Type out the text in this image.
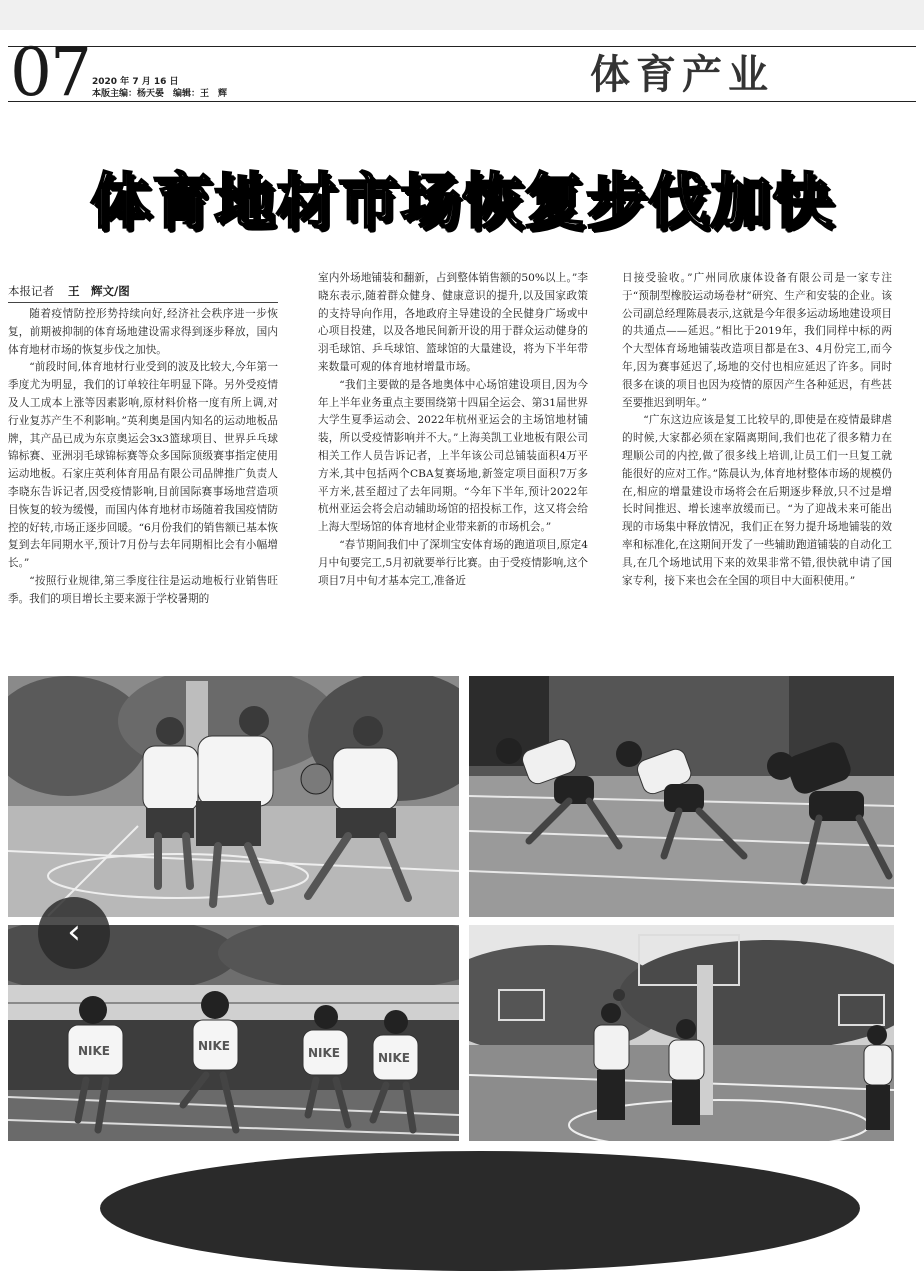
07 2020 年 7 月 16 日
本版主编：杨天晏　编辑：王　辉	体育产业
体育地材市场恢复步伐加快
本报记者 王　辉文/图

随着疫情防控形势持续向好,经济社会秩序进一步恢复，前期被抑制的体育场地建设需求得到逐步释放，国内体育地材市场的恢复步伐之加快。

“前段时间,体育地材行业受到的波及比较大,今年第一季度尤为明显，我们的订单较往年明显下降。另外受疫情及人工成本上涨等因素影响,原材料价格一度有所上调,对行业复苏产生不利影响。”英利奥是国内知名的运动地板品牌，其产品已成为东京奥运会3x3篮球项目、世界乒乓球锦标赛、亚洲羽毛球锦标赛等众多国际顶级赛事指定使用运动地板。石家庄英利体育用品有限公司品牌推广负责人李晓东告诉记者,因受疫情影响,目前国际赛事场地营造项目恢复的较为缓慢，而国内体育地材市场随着我国疫情防控的好转,市场正逐步回暖。“6月份我们的销售额已基本恢复到去年同期水平,预计7月份与去年同期相比会有小幅增长。”

“按照行业规律,第三季度往往是运动地板行业销售旺季。我们的项目增长主要来源于学校暑期的

室内外场地铺装和翻新，占到整体销售额的50%以上。”李晓东表示,随着群众健身、健康意识的提升,以及国家政策的支持导向作用，各地政府主导建设的全民健身广场或中心项目投建，以及各地民间新开设的用于群众运动健身的羽毛球馆、乒乓球馆、篮球馆的大量建设，将为下半年带来数量可观的体育地材增量市场。

“我们主要做的是各地奥体中心场馆建设项目,因为今年上半年业务重点主要围绕第十四届全运会、第31届世界大学生夏季运动会、2022年杭州亚运会的主场馆地材铺装，所以受疫情影响并不大。”上海美凯工业地板有限公司相关工作人员告诉记者，上半年该公司总铺装面积4万平方米,其中包括两个CBA复赛场地,新签定项目面积7万多平方米,甚至超过了去年同期。“今年下半年,预计2022年杭州亚运会将会启动辅助场馆的招投标工作，这又将会给上海大型场馆的体育地材企业带来新的市场机会。”

“春节期间我们中了深圳宝安体育场的跑道项目,原定4月中旬要完工,5月初就要举行比赛。由于受疫情影响,这个项目7月中旬才基本完工,准备近

日接受验收。”广州同欣康体设备有限公司是一家专注于“预制型橡胶运动场卷材”研究、生产和安装的企业。该公司副总经理陈晨表示,这就是今年很多运动场地建设项目的共通点——延迟。”相比于2019年，我们同样中标的两个大型体育场地铺装改造项目都是在3、4月份完工,而今年,因为赛事延迟了,场地的交付也相应延迟了许多。同时很多在谈的项目也因为疫情的原因产生各种延迟，有些甚至要推迟到明年。”

“广东这边应该是复工比较早的,即使是在疫情最肆虐的时候,大家都必须在家隔离期间,我们也花了很多精力在理顺公司的内控,做了很多线上培训,让员工们一旦复工就能很好的应对工作。”陈晨认为,体育地材整体市场的规模仍在,相应的增量建设市场将会在后期逐步释放,只不过是增长时间推迟、增长速率放缓而已。“为了迎战未来可能出现的市场集中释放情况，我们正在努力提升场地铺装的效率和标准化,在这期间开发了一些辅助跑道铺装的自动化工具,在几个场地试用下来的效果非常不错,很快就申请了国家专利，接下来也会在全国的项目中大面积使用。”

NIKE	NIKE	NIKE	NIKE
‹
